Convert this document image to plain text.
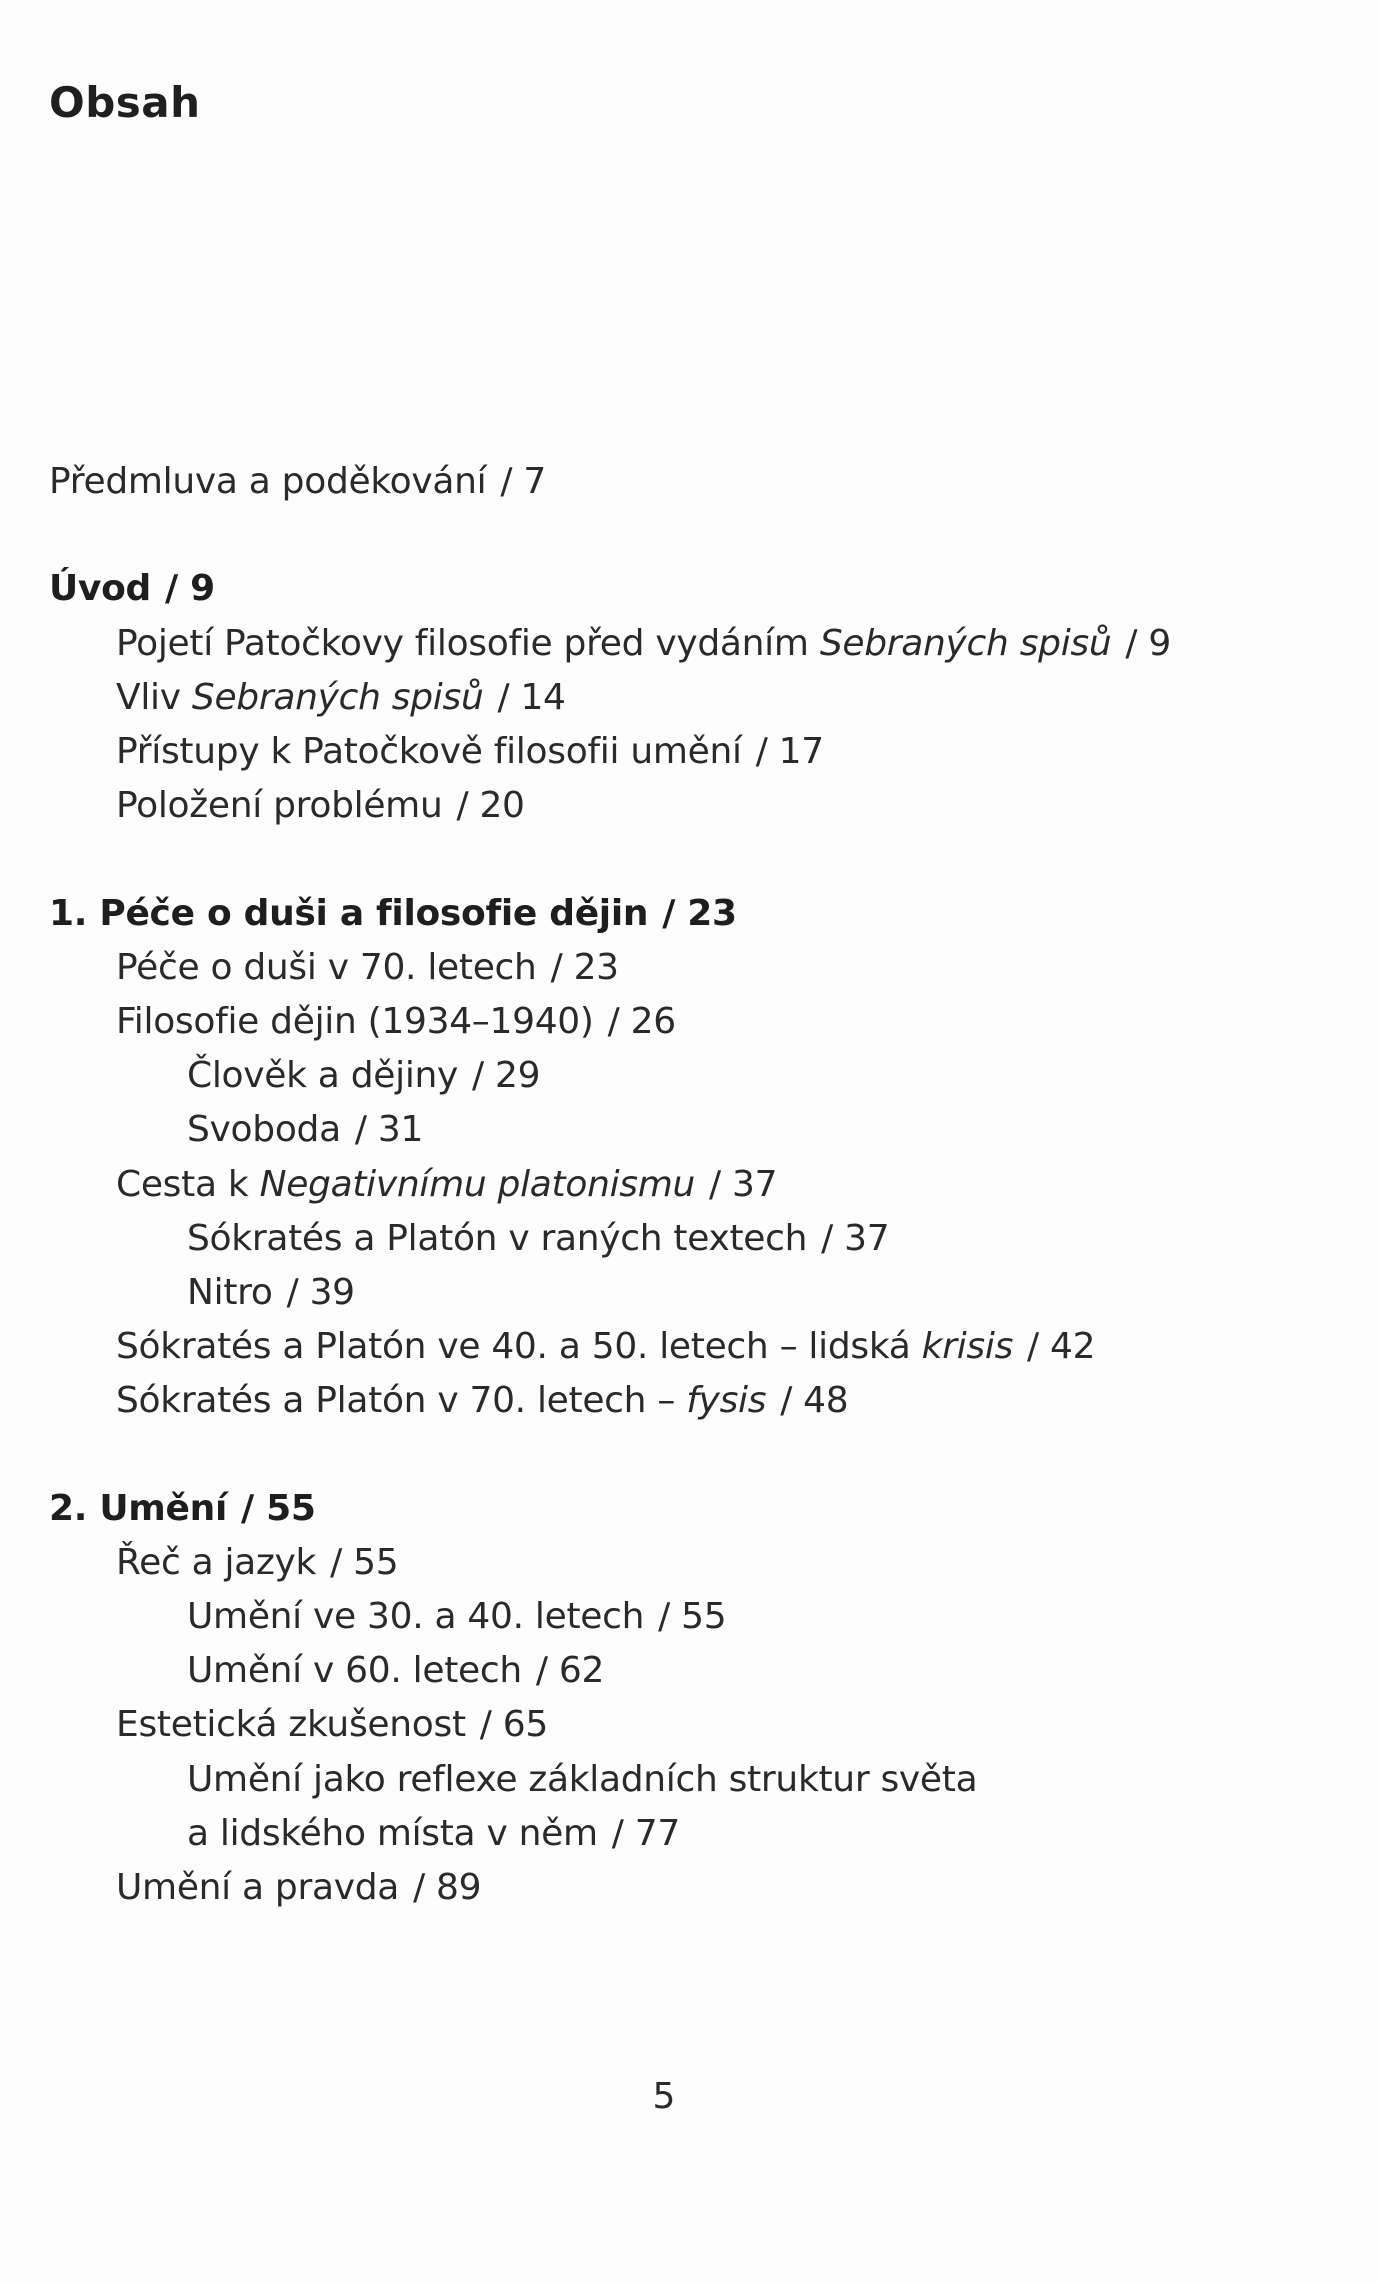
Obsah
Předmluva a poděkování / 7
Úvod / 9
Pojetí Patočkovy filosofie před vydáním Sebraných spisů / 9
Vliv Sebraných spisů / 14
Přístupy k Patočkově filosofii umění / 17
Položení problému / 20
1. Péče o duši a filosofie dějin / 23
Péče o duši v 70. letech / 23
Filosofie dějin (1934–1940) / 26
Člověk a dějiny / 29
Svoboda / 31
Cesta k Negativnímu platonismu / 37
Sókratés a Platón v raných textech / 37
Nitro / 39
Sókratés a Platón ve 40. a 50. letech – lidská krisis / 42
Sókratés a Platón v 70. letech – fysis / 48
2. Umění / 55
Řeč a jazyk / 55
Umění ve 30. a 40. letech / 55
Umění v 60. letech / 62
Estetická zkušenost / 65
Umění jako reflexe základních struktur světa
a lidského místa v něm / 77
Umění a pravda / 89
5
